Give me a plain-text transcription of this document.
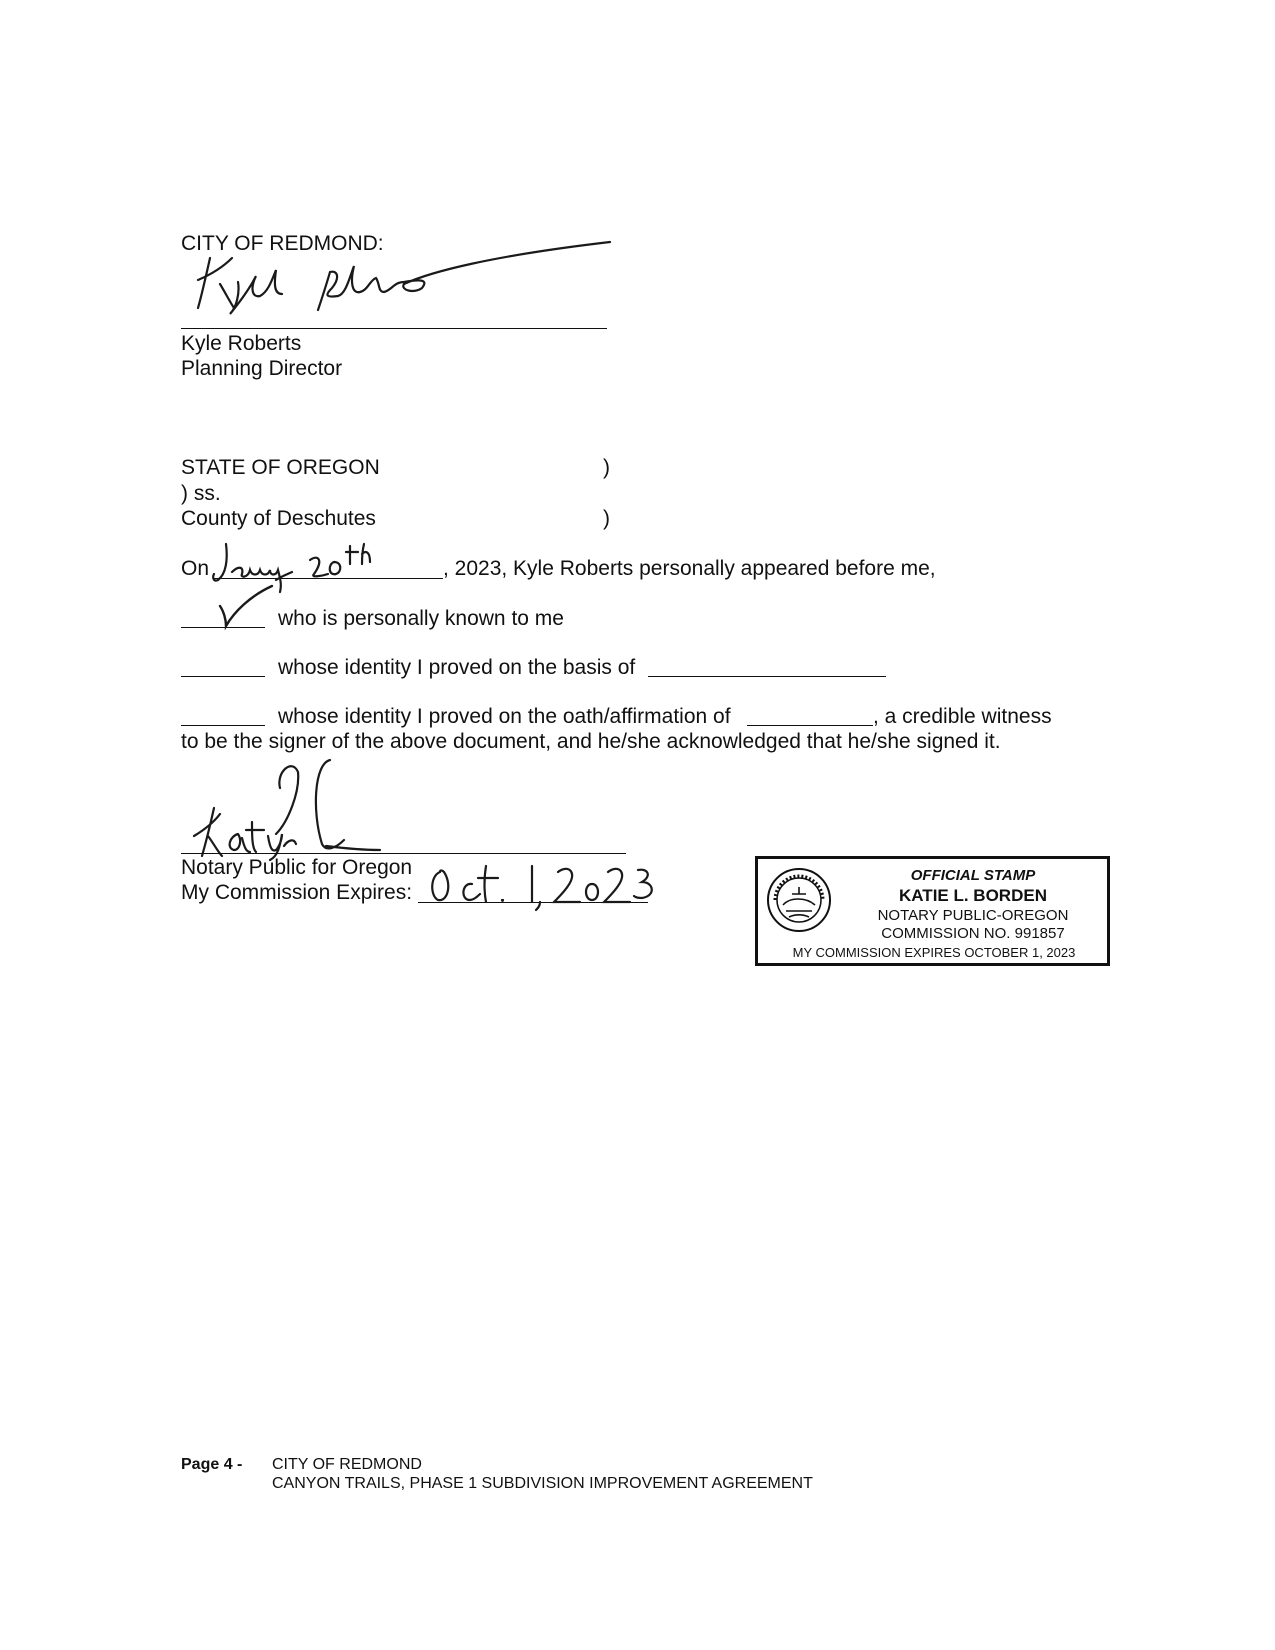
CITY OF REDMOND:
Kyle Roberts
Planning Director
STATE OF OREGON	)
) ss.
County of Deschutes	)
On	, 2023, Kyle Roberts personally appeared before me,
who is personally known to me
whose identity I proved on the basis of
whose identity I proved on the oath/affirmation of	, a credible witness
to be the signer of the above document, and he/she acknowledged that he/she signed it.
Notary Public for Oregon
My Commission Expires:
OFFICIAL STAMP
KATIE L. BORDEN
NOTARY PUBLIC-OREGON
COMMISSION NO. 991857
MY COMMISSION EXPIRES OCTOBER 1, 2023
Page 4 - CITY OF REDMOND
CANYON TRAILS, PHASE 1 SUBDIVISION IMPROVEMENT AGREEMENT
